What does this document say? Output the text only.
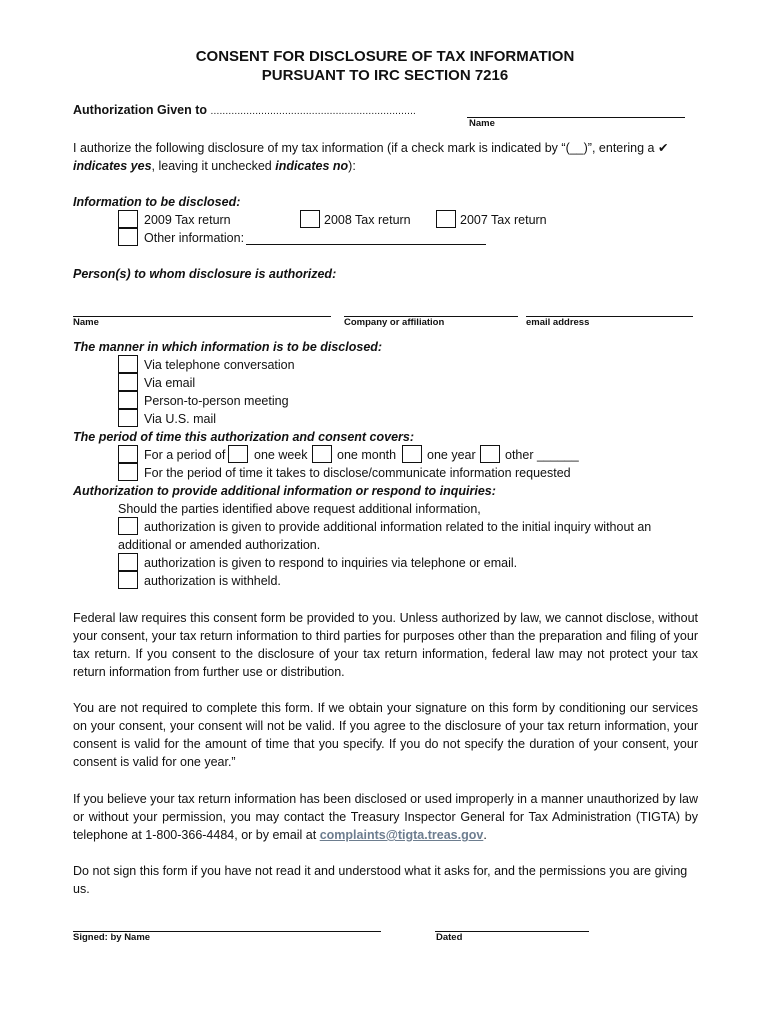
CONSENT FOR DISCLOSURE OF TAX INFORMATION
PURSUANT TO IRC SECTION 7216
Authorization Given to .....................................................................
Name
I authorize the following disclosure of my tax information (if a check mark is indicated by “(__)”, entering a ✔
indicates yes, leaving it unchecked indicates no):
Information to be disclosed:
2009 Tax return	2008 Tax return	2007 Tax return
Other information:
Person(s) to whom disclosure is authorized:
Name	Company or affiliation	email address
The manner in which information is to be disclosed:
Via telephone conversation
Via email
Person-to-person meeting
Via U.S. mail
The period of time this authorization and consent covers:
For a period of one week one month one year other ______
For the period of time it takes to disclose/communicate information requested
Authorization to provide additional information or respond to inquiries:
Should the parties identified above request additional information,
authorization is given to provide additional information related to the initial inquiry without an
additional or amended authorization.
authorization is given to respond to inquiries via telephone or email.
authorization is withheld.
Federal law requires this consent form be provided to you. Unless authorized by law, we cannot disclose, without your consent, your tax return information to third parties for purposes other than the preparation and filing of your tax return. If you consent to the disclosure of your tax return information, federal law may not protect your tax return information from further use or distribution.
You are not required to complete this form. If we obtain your signature on this form by conditioning our services on your consent, your consent will not be valid. If you agree to the disclosure of your tax return information, your consent is valid for the amount of time that you specify. If you do not specify the duration of your consent, your consent is valid for one year.”
If you believe your tax return information has been disclosed or used improperly in a manner unauthorized by law or without your permission, you may contact the Treasury Inspector General for Tax Administration (TIGTA) by telephone at 1-800-366-4484, or by email at complaints@tigta.treas.gov.
Do not sign this form if you have not read it and understood what it asks for, and the permissions you are giving us.
Signed: by Name	Dated
